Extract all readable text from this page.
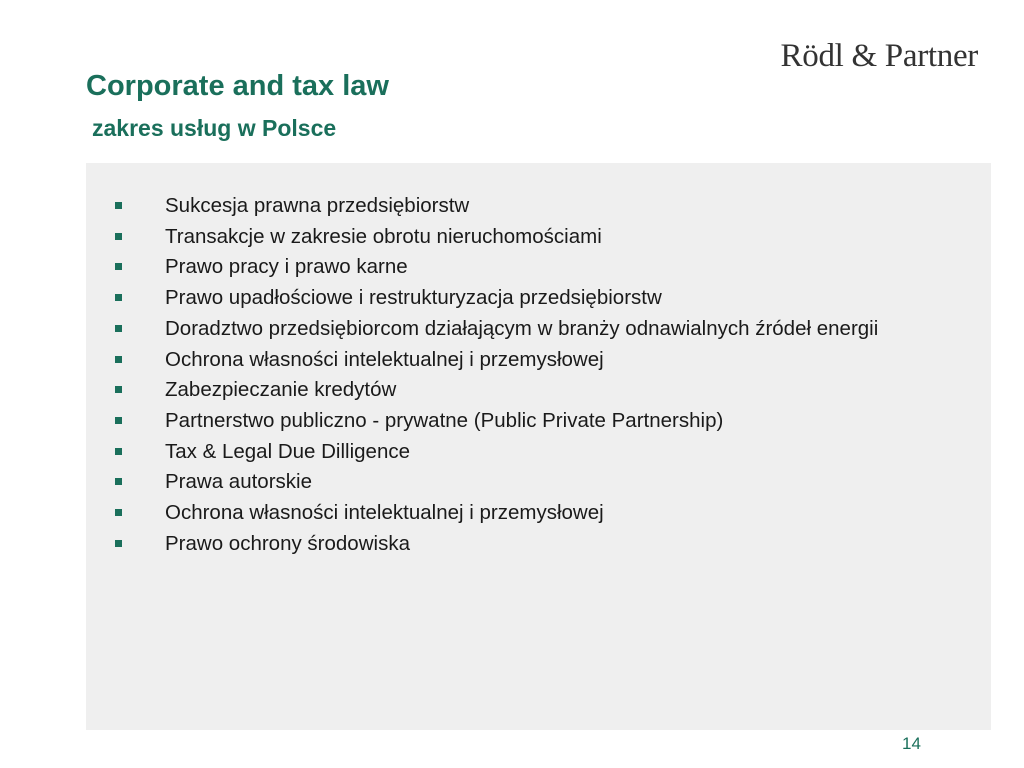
Rödl & Partner
Corporate and tax law
zakres usług w Polsce
Sukcesja prawna przedsiębiorstw
Transakcje w zakresie obrotu nieruchomościami
Prawo pracy i prawo karne
Prawo upadłościowe i restrukturyzacja przedsiębiorstw
Doradztwo przedsiębiorcom działającym w branży odnawialnych źródeł energii
Ochrona własności intelektualnej i przemysłowej
Zabezpieczanie kredytów
Partnerstwo publiczno - prywatne (Public Private Partnership)
Tax & Legal Due Dilligence
Prawa autorskie
Ochrona własności intelektualnej i przemysłowej
Prawo ochrony środowiska
14
